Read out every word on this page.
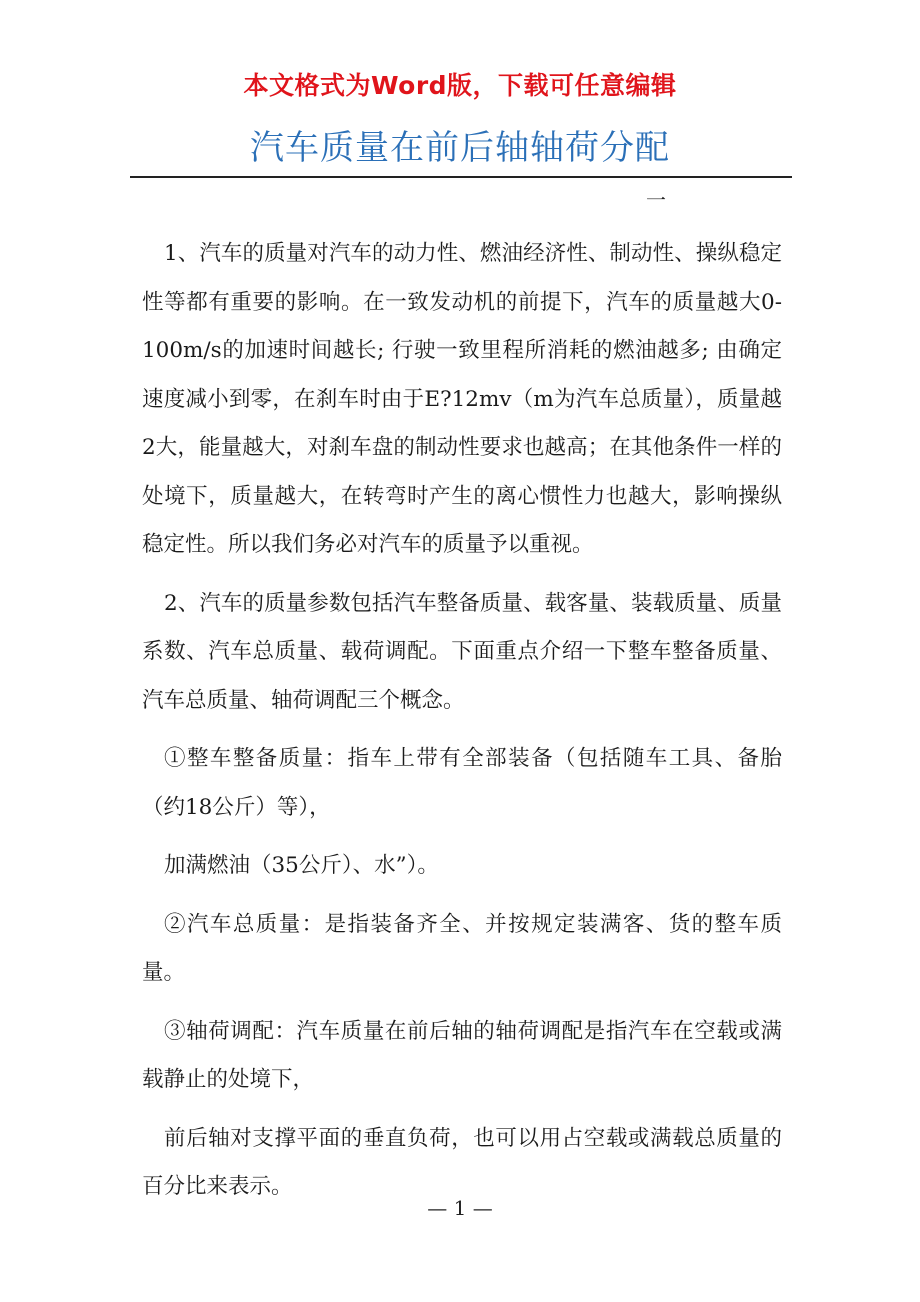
本文格式为Word版，下载可任意编辑
汽车质量在前后轴轴荷分配
一

1、汽车的质量对汽车的动力性、燃油经济性、制动性、操纵稳定性等都有重要的影响。在一致发动机的前提下，汽车的质量越大0-100m/s的加速时间越长; 行驶一致里程所消耗的燃油越多; 由确定速度减小到零，在刹车时由于E?12mv（m为汽车总质量），质量越2大，能量越大，对刹车盘的制动性要求也越高；在其他条件一样的处境下，质量越大，在转弯时产生的离心惯性力也越大，影响操纵稳定性。所以我们务必对汽车的质量予以重视。

2、汽车的质量参数包括汽车整备质量、载客量、装载质量、质量系数、汽车总质量、载荷调配。下面重点介绍一下整车整备质量、汽车总质量、轴荷调配三个概念。

①整车整备质量：指车上带有全部装备（包括随车工具、备胎（约18公斤）等），

加满燃油（35公斤）、水”）。

②汽车总质量：是指装备齐全、并按规定装满客、货的整车质量。

③轴荷调配：汽车质量在前后轴的轴荷调配是指汽车在空载或满载静止的处境下，

前后轴对支撑平面的垂直负荷，也可以用占空载或满载总质量的百分比来表示。

— 1 —
